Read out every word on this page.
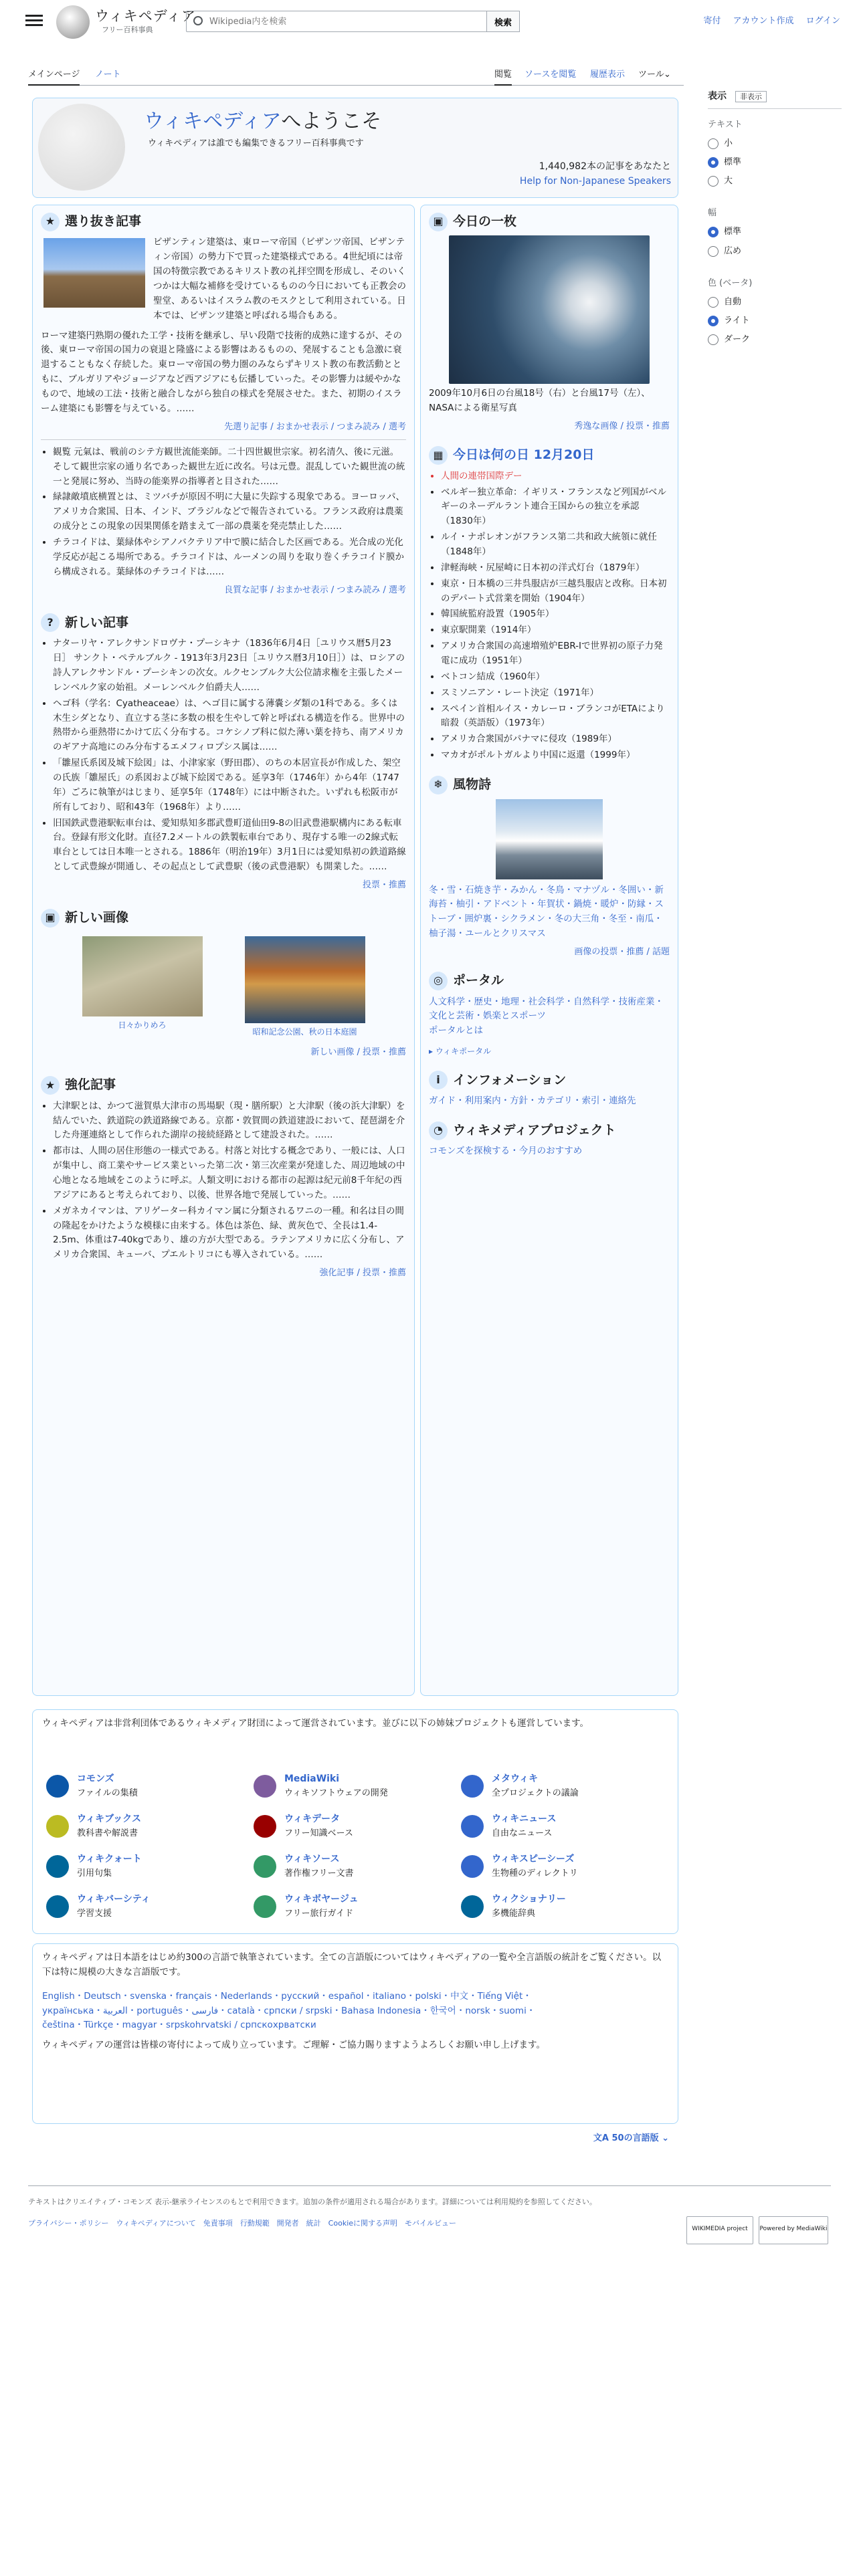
ウィキペディア
フリー百科事典
Wikipedia内を検索
検索	寄付 アカウント作成 ログイン
メインページ ノート	閲覧 ソースを閲覧 履歴表示 ツール ⌄
表示 非表示
テキスト
小
標準
大
幅
標準
広め
色 (ベータ)
自動
ライト
ダーク
ウィキペディアへようこそ
ウィキペディアは誰でも編集できるフリー百科事典です
1,440,982本の記事をあなたと
Help for Non-Japanese Speakers
★ 選り抜き記事

ビザンティン建築は、東ローマ帝国（ビザンツ帝国、ビザンティン帝国）の勢力下で買った建築様式である。4世紀頃には帝国の特徴宗教であるキリスト教の礼拝空間を形成し、そのいくつかは大幅な補修を受けているものの今日においても正教会の聖堂、あるいはイスラム教のモスクとして利用されている。日本では、ビザンツ建築と呼ばれる場合もある。

ローマ建築円熟期の優れた工学・技術を継承し、早い段階で技術的成熟に達するが、その後、東ローマ帝国の国力の衰退と隆盛による影響はあるものの、発展することも急激に衰退することもなく存続した。東ローマ帝国の勢力圏のみならずキリスト教の布教活動とともに、ブルガリアやジョージアなど西アジアにも伝播していった。その影響力は緩やかなもので、地域の工法・技術と融合しながら独自の様式を発展させた。また、初期のイスラーム建築にも影響を与えている。……

先選り記事 / おまかせ表示 / つまみ読み / 選考
• 観覧 元氣は、戦前のシテ方観世流能楽師。二十四世観世宗家。初名清久、後に元滋。そして観世宗家の通り名であった観世左近に改名。号は元豊。混乱していた観世流の統一と発展に努め、当時の能楽界の指導者と目された……
• 緑隷敵墳底横置とは、ミツバチが原因不明に大量に失踪する現象である。ヨーロッパ、アメリカ合衆国、日本、インド、ブラジルなどで報告されている。フランス政府は農薬の成分とこの現象の因果関係を踏まえて一部の農薬を発売禁止した……
• チラコイドは、葉緑体やシアノバクテリア中で膜に結合した区画である。光合成の光化学反応が起こる場所である。チラコイドは、ルーメンの周りを取り巻くチラコイド膜から構成される。葉緑体のチラコイドは……
良質な記事 / おまかせ表示 / つまみ読み / 選考
? 新しい記事
• ナターリヤ・アレクサンドロヴナ・プーシキナ（1836年6月4日［ユリウス暦5月23日］ サンクト・ペテルブルク - 1913年3月23日［ユリウス暦3月10日］）は、ロシアの詩人アレクサンドル・プーシキンの次女。ルクセンブルク大公位請求権を主張したメーレンベルク家の始祖。メーレンベルク伯爵夫人……
• ヘゴ科（学名：Cyatheaceae）は、ヘゴ目に属する薄嚢シダ類の1科である。多くは木生シダとなり、直立する茎に多数の根を生やして幹と呼ばれる構造を作る。世界中の熱帯から亜熱帯にかけて広く分布する。コケシノブ科に似た薄い葉を持ち、南アメリカのギアナ高地にのみ分布するエメフィロプシス属は……
• 「雛屋氏系図及城下絵図」は、小津家家（野田郡）、のちの本居宣長が作成した、架空の氏族「雛屋氏」の系図および城下絵図である。延享3年（1746年）から4年（1747年）ごろに執筆がはじまり、延享5年（1748年）には中断された。いずれも松阪市が所有しており、昭和43年（1968年）より……
• 旧国鉄武豊港駅転車台は、愛知県知多郡武豊町道仙田9-8の旧武豊港駅構内にある転車台。登録有形文化財。直径7.2メートルの鉄製転車台であり、現存する唯一の2線式転車台としては日本唯一とされる。1886年（明治19年）3月1日には愛知県初の鉄道路線として武豊線が開通し、その起点として武豊駅（後の武豊港駅）も開業した。……
投票・推薦
▣ 新しい画像
日々かりめろ
昭和記念公園、秋の日本庭園
新しい画像 / 投票・推薦
★ 強化記事
• 大津駅とは、かつて滋賀県大津市の馬場駅（現・膳所駅）と大津駅（後の浜大津駅）を結んでいた、鉄道院の鉄道路線である。京都・敦賀間の鉄道建設において、琵琶湖を介した舟運連絡として作られた湖岸の接続経路として建設された。……
• 都市は、人間の居住形態の一様式である。村落と対比する概念であり、一般には、人口が集中し、商工業やサービス業といった第二次・第三次産業が発達した、周辺地域の中心地となる地域をこのように呼ぶ。人類文明における都市の起源は紀元前8千年紀の西アジアにあると考えられており、以後、世界各地で発展していった。……
• メガネカイマンは、アリゲーター科カイマン属に分類されるワニの一種。和名は目の間の隆起をかけたような模様に由来する。体色は茶色、緑、黄灰色で、全長は1.4-2.5m、体重は7-40kgであり、雄の方が大型である。ラテンアメリカに広く分布し、アメリカ合衆国、キューバ、プエルトリコにも導入されている。……
強化記事 / 投票・推薦
▣ 今日の一枚
2009年10月6日の台風18号（右）と台風17号（左）、NASAによる衛星写真
秀逸な画像 / 投票・推薦
▦ 今日は何の日 12月20日
• 人間の連帯国際デー
• ベルギー独立革命：イギリス・フランスなど列国がベルギーのネーデルラント連合王国からの独立を承認（1830年）
• ルイ・ナポレオンがフランス第二共和政大統領に就任（1848年）
• 津軽海峡・尻屋崎に日本初の洋式灯台（1879年）
• 東京・日本橋の三井呉服店が三越呉服店と改称。日本初のデパート式営業を開始（1904年）
• 韓国統監府設置（1905年）
• 東京駅開業（1914年）
• アメリカ合衆国の高速増殖炉EBR-Iで世界初の原子力発電に成功（1951年）
• ベトコン結成（1960年）
• スミソニアン・レート決定（1971年）
• スペイン首相ルイス・カレーロ・ブランコがETAにより暗殺（英語版）（1973年）
• アメリカ合衆国がパナマに侵攻（1989年）
• マカオがポルトガルより中国に返還（1999年）
❄ 風物詩
冬・雪・石焼き芋・みかん・冬鳥・マナヅル・冬囲い・新海苔・柚引・アドベント・年賀状・鍋焼・暖炉・防縁・ストーブ・囲炉裏・シクラメン・冬の大三角・冬至・南瓜・柚子湯・ユールとクリスマス
画像の投票・推薦 / 話題
◎ ポータル
人文科学・歴史・地理・社会科学・自然科学・技術産業・文化と芸術・娯楽とスポーツ
ポータルとは
▸ ウィキポータル
i	インフォメーション
ガイド・利用案内・方針・カテゴリ・索引・連絡先
◔ ウィキメディアプロジェクト
コモンズを探検する・今月のおすすめ
ウィキペディアは非営利団体であるウィキメディア財団によって運営されています。並びに以下の姉妹プロジェクトも運営しています。
コモンズ
ファイルの集積
MediaWiki
ウィキソフトウェアの開発
メタウィキ
全プロジェクトの議論
ウィキブックス
教科書や解説書
ウィキデータ
フリー知識ベース
ウィキニュース
自由なニュース
ウィキクォート
引用句集
ウィキソース
著作権フリー文書
ウィキスピーシーズ
生物種のディレクトリ
ウィキバーシティ
学習支援
ウィキボヤージュ
フリー旅行ガイド
ウィクショナリー
多機能辞典
ウィキペディアは日本語をはじめ約300の言語で執筆されています。全ての言語版についてはウィキペディアの一覧や全言語版の統計をご覧ください。以下は特に規模の大きな言語版です。
English・Deutsch・svenska・français・Nederlands・русский・español・italiano・polski・中文・Tiếng Việt・
українська・العربية・português・فارسی・català・српски / srpski・Bahasa Indonesia・한국어・norsk・suomi・
čeština・Türkçe・magyar・srpskohrvatski / српскохрватски
ウィキペディアの運営は皆様の寄付によって成り立っています。ご理解・ご協力賜りますようよろしくお願い申し上げます。
文A 50の言語版 ⌄
テキストはクリエイティブ・コモンズ 表示-継承ライセンスのもとで利用できます。追加の条件が適用される場合があります。詳細については利用規約を参照してください。
プライバシー・ポリシー　ウィキペディアについて　免責事項　行動規範　開発者　統計　Cookieに関する声明　モバイルビュー
WIKIMEDIA project	Powered by MediaWiki
